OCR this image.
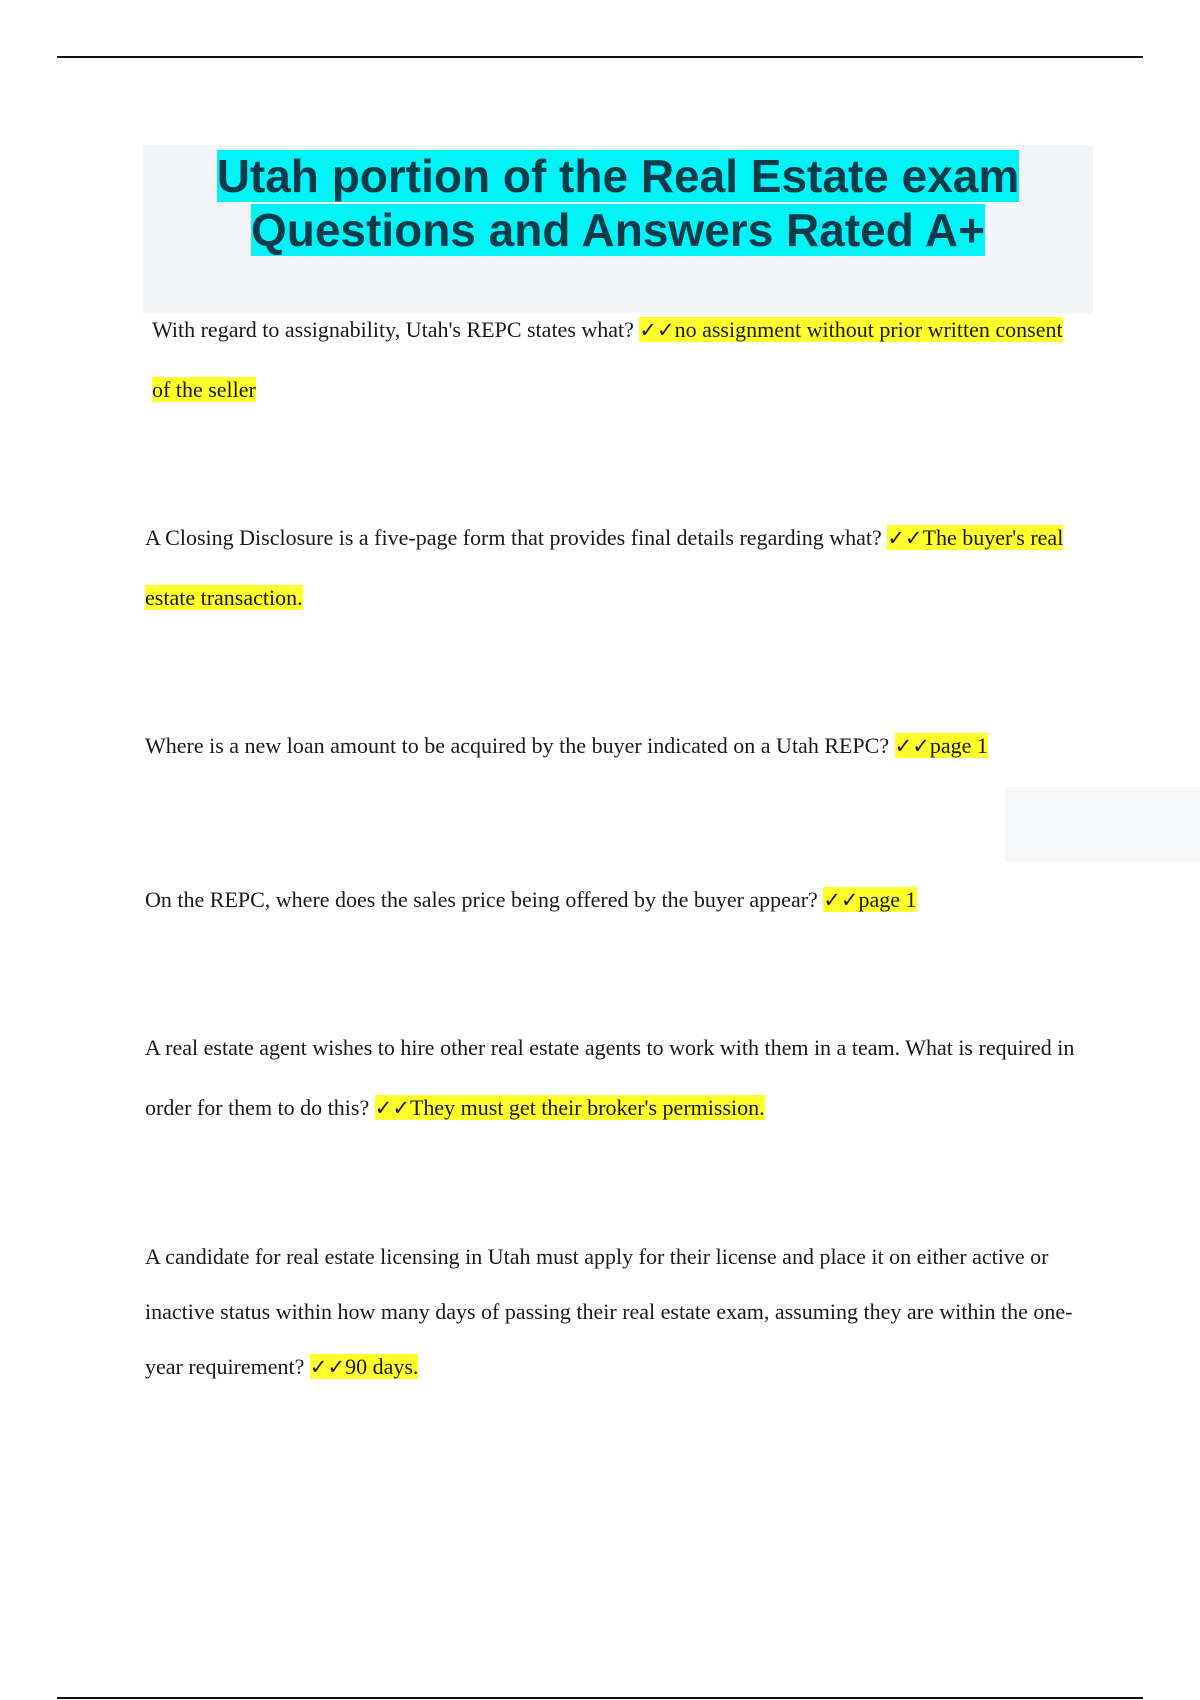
Utah portion of the Real Estate exam
Questions and Answers Rated A+

With regard to assignability, Utah's REPC states what? ✓✓no assignment without prior written consent of the seller

A Closing Disclosure is a five-page form that provides final details regarding what? ✓✓The buyer's real estate transaction.

Where is a new loan amount to be acquired by the buyer indicated on a Utah REPC? ✓✓page 1

On the REPC, where does the sales price being offered by the buyer appear? ✓✓page 1

A real estate agent wishes to hire other real estate agents to work with them in a team. What is required in order for them to do this? ✓✓They must get their broker's permission.

A candidate for real estate licensing in Utah must apply for their license and place it on either active or inactive status within how many days of passing their real estate exam, assuming they are within the one-year requirement? ✓✓90 days.
